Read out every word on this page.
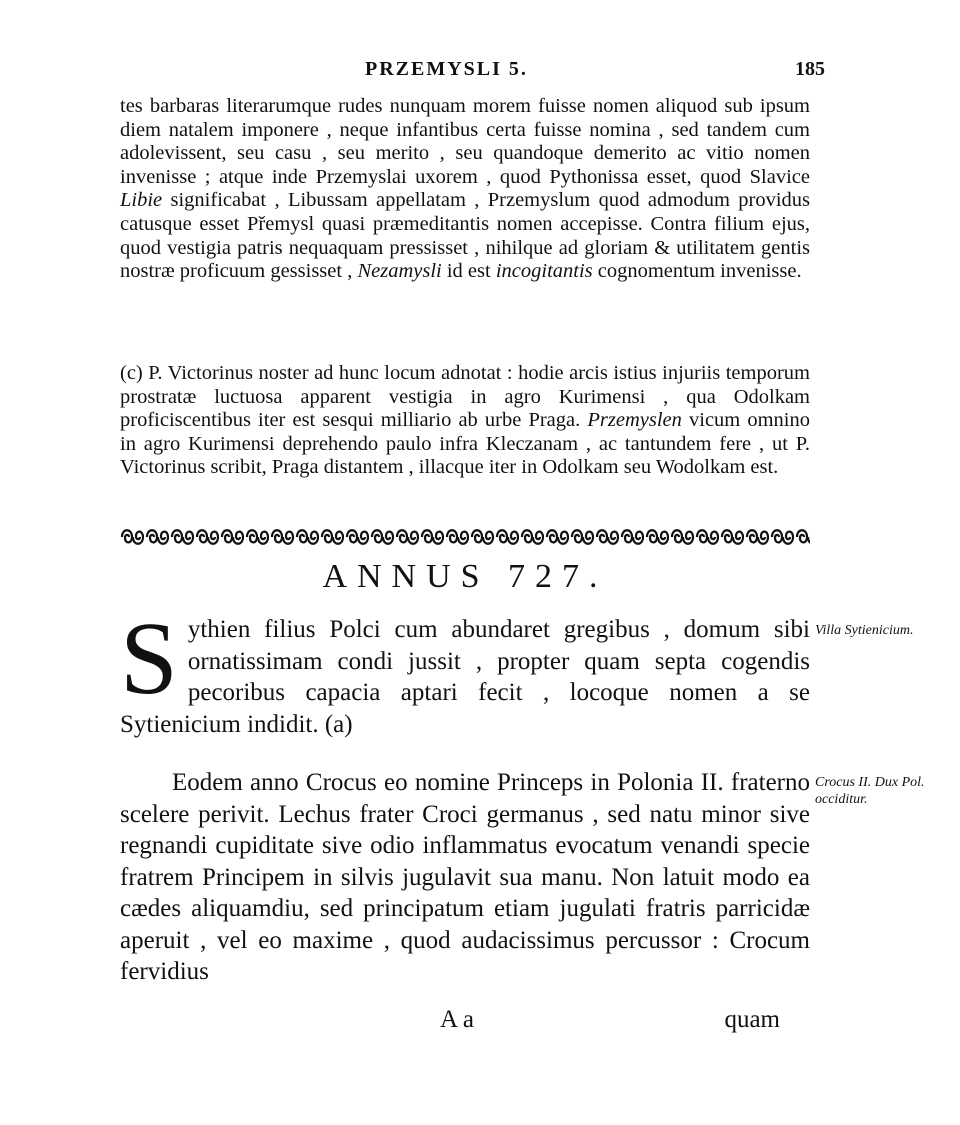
PRZEMYSLI 5.	185
tes barbaras literarumque rudes nunquam morem fuisse nomen aliquod sub ipsum diem natalem imponere , neque infantibus certa fuisse nomina , sed tandem cum adolevissent, seu casu , seu merito , seu quandoque demerito ac vitio nomen invenisse ; atque inde Przemyslai uxorem , quod Pythonissa esset, quod Slavice Libie significabat , Libussam appellatam , Przemyslum quod admodum providus catusque esset Přemysl quasi præmeditantis nomen accepisse. Contra filium ejus, quod vestigia patris nequaquam pressisset , nihilque ad gloriam & utilitatem gentis nostræ proficuum gessisset , Nezamysli id est incogitantis cognomentum invenisse.
(c) P. Victorinus noster ad hunc locum adnotat : hodie arcis istius injuriis temporum prostratæ luctuosa apparent vestigia in agro Kurimensi , qua Odolkam proficiscentibus iter est sesqui milliario ab urbe Praga. Przemyslen vicum omnino in agro Kurimensi deprehendo paulo infra Kleczanam , ac tantundem fere , ut P. Victorinus scribit, Praga distantem , illacque iter in Odolkam seu Wodolkam est.
ANNUS 727.
Sythien filius Polci cum abundaret gregibus , domum sibi ornatissimam condi jussit , propter quam septa cogendis pecoribus capacia aptari fecit , locoque nomen a se Sytienicium indidit. (a)
Villa Sytienicium.
Eodem anno Crocus eo nomine Princeps in Polonia II. fraterno scelere perivit. Lechus frater Croci germanus , sed natu minor sive regnandi cupiditate sive odio inflammatus evocatum venandi specie fratrem Principem in silvis jugulavit sua manu. Non latuit modo ea cædes aliquamdiu, sed principatum etiam jugulati fratris parricidæ aperuit , vel eo maxime , quod audacissimus percussor : Crocum fervidius
Crocus II. Dux Pol. occiditur.
A a	quam
